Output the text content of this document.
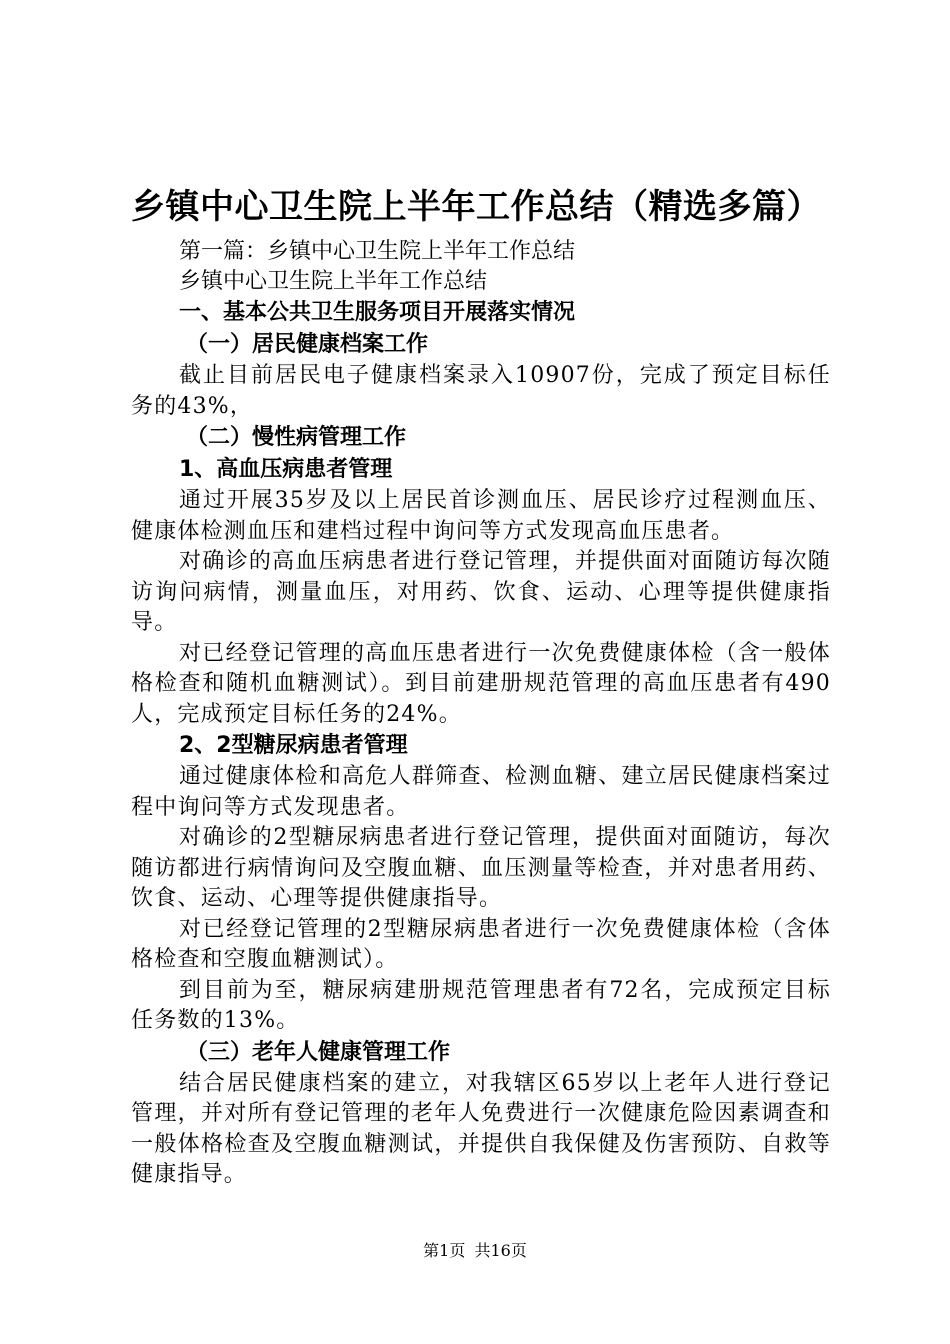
乡镇中心卫生院上半年工作总结（精选多篇）

第一篇：乡镇中心卫生院上半年工作总结

乡镇中心卫生院上半年工作总结

一、基本公共卫生服务项目开展落实情况

（一）居民健康档案工作

截止目前居民电子健康档案录入10907份，完成了预定目标任务的43%，

（二）慢性病管理工作

1、高血压病患者管理

通过开展35岁及以上居民首诊测血压、居民诊疗过程测血压、健康体检测血压和建档过程中询问等方式发现高血压患者。

对确诊的高血压病患者进行登记管理，并提供面对面随访每次随访询问病情，测量血压，对用药、饮食、运动、心理等提供健康指导。

对已经登记管理的高血压患者进行一次免费健康体检（含一般体格检查和随机血糖测试）。到目前建册规范管理的高血压患者有490人，完成预定目标任务的24%。

2、2型糖尿病患者管理

通过健康体检和高危人群筛查、检测血糖、建立居民健康档案过程中询问等方式发现患者。

对确诊的2型糖尿病患者进行登记管理，提供面对面随访，每次随访都进行病情询问及空腹血糖、血压测量等检查，并对患者用药、饮食、运动、心理等提供健康指导。

对已经登记管理的2型糖尿病患者进行一次免费健康体检（含体格检查和空腹血糖测试）。

到目前为至，糖尿病建册规范管理患者有72名，完成预定目标任务数的13%。

（三）老年人健康管理工作

结合居民健康档案的建立，对我辖区65岁以上老年人进行登记管理，并对所有登记管理的老年人免费进行一次健康危险因素调查和一般体格检查及空腹血糖测试，并提供自我保健及伤害预防、自救等健康指导。

第1页 共16页
